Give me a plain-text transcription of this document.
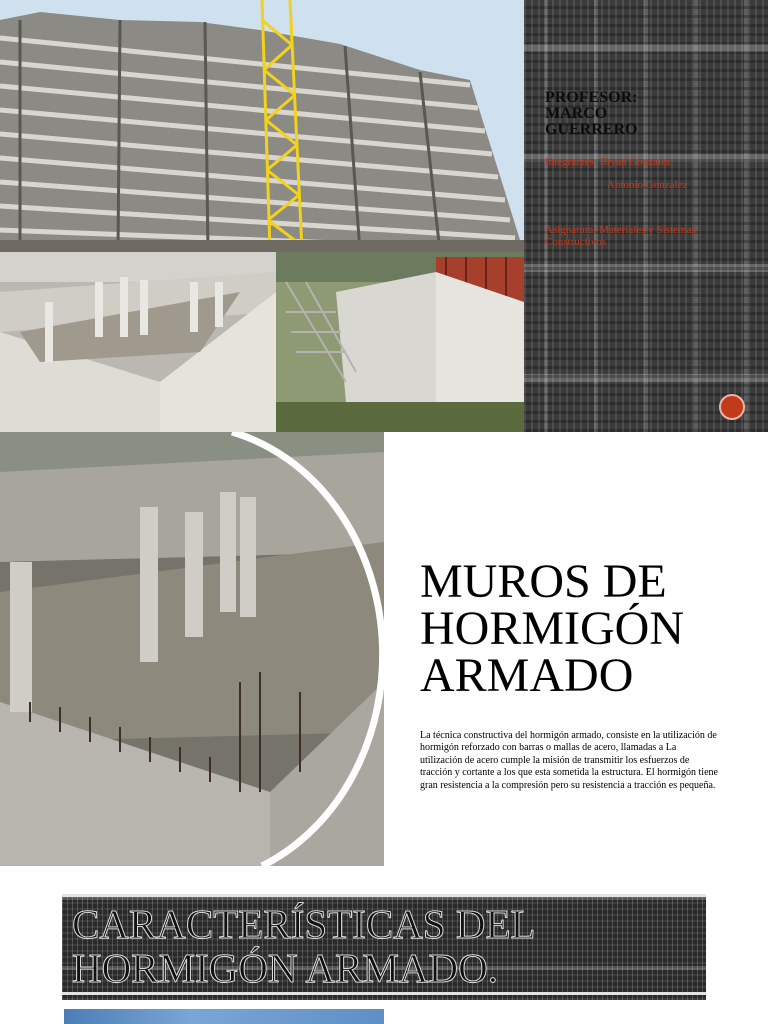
PROFESOR:
MARCO
GUERRERO
Integrantes: Bryan Gonzalez
Antonio Gonzalez
Asignatura: Materiales y Sistemas Constructivos
MUROS DE
HORMIGÓN
ARMADO
La técnica constructiva del hormigón armado, consiste en la utilización de hormigón reforzado con barras o mallas de acero, llamadas a La utilización de acero cumple la misión de transmitir los esfuerzos de tracción y cortante a los que esta sometida la estructura. El hormigón tiene gran resistencia a la compresión pero su resistencia a tracción es pequeña.
CARACTERÍSTICAS DEL
HORMIGÓN ARMADO.
